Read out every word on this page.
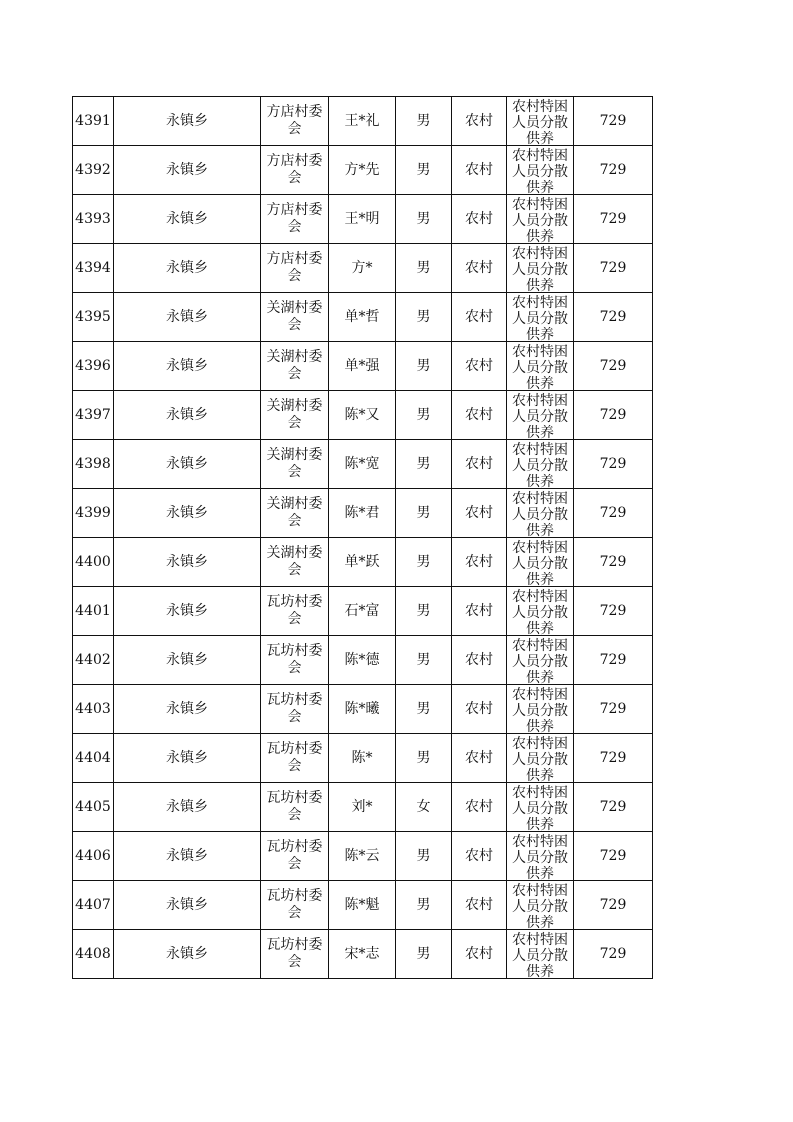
4391	永镇乡	方店村委会	王*礼	男	农村	农村特困人员分散供养	729
4392	永镇乡	方店村委会	方*先	男	农村	农村特困人员分散供养	729
4393	永镇乡	方店村委会	王*明	男	农村	农村特困人员分散供养	729
4394	永镇乡	方店村委会	方*	男	农村	农村特困人员分散供养	729
4395	永镇乡	关湖村委会	单*哲	男	农村	农村特困人员分散供养	729
4396	永镇乡	关湖村委会	单*强	男	农村	农村特困人员分散供养	729
4397	永镇乡	关湖村委会	陈*又	男	农村	农村特困人员分散供养	729
4398	永镇乡	关湖村委会	陈*宽	男	农村	农村特困人员分散供养	729
4399	永镇乡	关湖村委会	陈*君	男	农村	农村特困人员分散供养	729
4400	永镇乡	关湖村委会	单*跃	男	农村	农村特困人员分散供养	729
4401	永镇乡	瓦坊村委会	石*富	男	农村	农村特困人员分散供养	729
4402	永镇乡	瓦坊村委会	陈*德	男	农村	农村特困人员分散供养	729
4403	永镇乡	瓦坊村委会	陈*曦	男	农村	农村特困人员分散供养	729
4404	永镇乡	瓦坊村委会	陈*	男	农村	农村特困人员分散供养	729
4405	永镇乡	瓦坊村委会	刘*	女	农村	农村特困人员分散供养	729
4406	永镇乡	瓦坊村委会	陈*云	男	农村	农村特困人员分散供养	729
4407	永镇乡	瓦坊村委会	陈*魁	男	农村	农村特困人员分散供养	729
4408	永镇乡	瓦坊村委会	宋*志	男	农村	农村特困人员分散供养	729
